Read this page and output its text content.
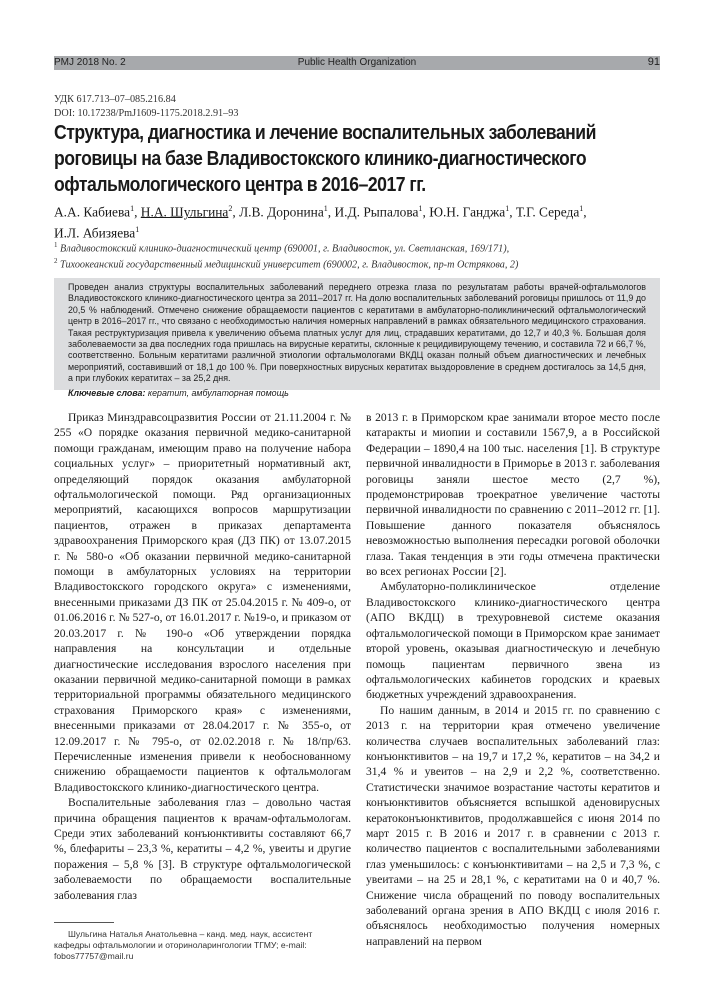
PMJ 2018 No. 2	Public Health Organization	91
УДК 617.713–07–085.216.84
DOI: 10.17238/PmJ1609-1175.2018.2.91–93
Структура, диагностика и лечение воспалительных заболеваний роговицы на базе Владивостокского клинико-диагностического офтальмологического центра в 2016–2017 гг.
А.А. Кабиева$^1$, Н.А. Шульгина$^2$, Л.В. Доронина$^1$, И.Д. Рыпалова$^1$, Ю.Н. Ганджа$^1$, Т.Г. Середа$^1$,
И.Л. Абизяева$^1$
$^1$ Владивостокский клинико-диагностический центр (690001, г. Владивосток, ул. Светланская, 169/171),
$^2$ Тихоокеанский государственный медицинский университет (690002, г. Владивосток, пр-т Острякова, 2)

Проведен анализ структуры воспалительных заболеваний переднего отрезка глаза по результатам работы врачей-офтальмологов Владивостокского клинико-диагностического центра за 2011–2017 гг. На долю воспалительных заболеваний роговицы пришлось от 11,9 до 20,5 % наблюдений. Отмечено снижение обращаемости пациентов с кератитами в амбулаторно-поликлинический офтальмологический центр в 2016–2017 гг., что связано с необходимостью наличия номерных направлений в рамках обязательного медицинского страхования. Такая реструктуризация привела к увеличению объема платных услуг для лиц, страдавших кератитами, до 12,7 и 40,3 %. Большая доля заболеваемости за два последних года пришлась на вирусные кератиты, склонные к рецидивирующему течению, и составила 72 и 66,7 %, соответственно. Больным кератитами различной этиологии офтальмологами ВКДЦ оказан полный объем диагностических и лечебных мероприятий, составивший от 18,1 до 100 %. При поверхностных вирусных кератитах выздоровление в среднем достигалось за 14,5 дня, а при глубоких кератитах – за 25,2 дня.

Ключевые слова: кератит, амбулаторная помощь

Приказ Минздравсоцразвития России от 21.11.2004 г. № 255 «О порядке оказания первичной медико-санитарной помощи гражданам, имеющим право на получение набора социальных услуг» – приоритетный нормативный акт, определяющий порядок оказания амбулаторной офтальмологической помощи. Ряд организационных мероприятий, касающихся вопросов маршрутизации пациентов, отражен в приказах департамента здравоохранения Приморского края (ДЗ ПК) от 13.07.2015 г. № 580-о «Об оказании первичной медико-санитарной помощи в амбулаторных условиях на территории Владивостокского городского округа» с изменениями, внесенными приказами ДЗ ПК от 25.04.2015 г. № 409-о, от 01.06.2016 г. № 527-о, от 16.01.2017 г. №19-о, и приказом от 20.03.2017 г. № 190-о «Об утверждении порядка направления на консультации и отдельные диагностические исследования взрослого населения при оказании первичной медико-санитарной помощи в рамках территориальной программы обязательного медицинского страхования Приморского края» с изменениями, внесенными приказами от 28.04.2017 г. № 355-о, от 12.09.2017 г. № 795-о, от 02.02.2018 г. № 18/пр/63. Перечисленные изменения привели к необоснованному снижению обращаемости пациентов к офтальмологам Владивостокского клинико-диагностического центра.

Воспалительные заболевания глаз – довольно частая причина обращения пациентов к врачам-офтальмологам. Среди этих заболеваний конъюнктивиты составляют 66,7 %, блефариты – 23,3 %, кератиты – 4,2 %, увеиты и другие поражения – 5,8 % [3]. В структуре офтальмологической заболеваемости по обращаемости воспалительные заболевания глаз

в 2013 г. в Приморском крае занимали второе место после катаракты и миопии и составили 1567,9, а в Российской Федерации – 1890,4 на 100 тыс. населения [1]. В структуре первичной инвалидности в Приморье в 2013 г. заболевания роговицы заняли шестое место (2,7 %), продемонстрировав троекратное увеличение частоты первичной инвалидности по сравнению с 2011–2012 гг. [1]. Повышение данного показателя объяснялось невозможностью выполнения пересадки роговой оболочки глаза. Такая тенденция в эти годы отмечена практически во всех регионах России [2].

Амбулаторно-поликлиническое отделение Владивостокского клинико-диагностического центра (АПО ВКДЦ) в трехуровневой системе оказания офтальмологической помощи в Приморском крае занимает второй уровень, оказывая диагностическую и лечебную помощь пациентам первичного звена из офтальмологических кабинетов городских и краевых бюджетных учреждений здравоохранения.

По нашим данным, в 2014 и 2015 гг. по сравнению с 2013 г. на территории края отмечено увеличение количества случаев воспалительных заболеваний глаз: конъюнктивитов – на 19,7 и 17,2 %, кератитов – на 34,2 и 31,4 % и увеитов – на 2,9 и 2,2 %, соответственно. Статистически значимое возрастание частоты кератитов и конъюнктивитов объясняется вспышкой аденовирусных кератоконъюнктивитов, продолжавшейся с июня 2014 по март 2015 г. В 2016 и 2017 г. в сравнении с 2013 г. количество пациентов с воспалительными заболеваниями глаз уменьшилось: с конъюнктивитами – на 2,5 и 7,3 %, с увеитами – на 25 и 28,1 %, с кератитами на 0 и 40,7 %. Снижение числа обращений по поводу воспалительных заболеваний органа зрения в АПО ВКДЦ с июля 2016 г. объяснялось необходимостью получения номерных направлений на первом

Шульгина Наталья Анатольевна – канд. мед. наук, ассистент кафедры офтальмологии и оториноларингологии ТГМУ; e-mail: fobos77757@mail.ru
